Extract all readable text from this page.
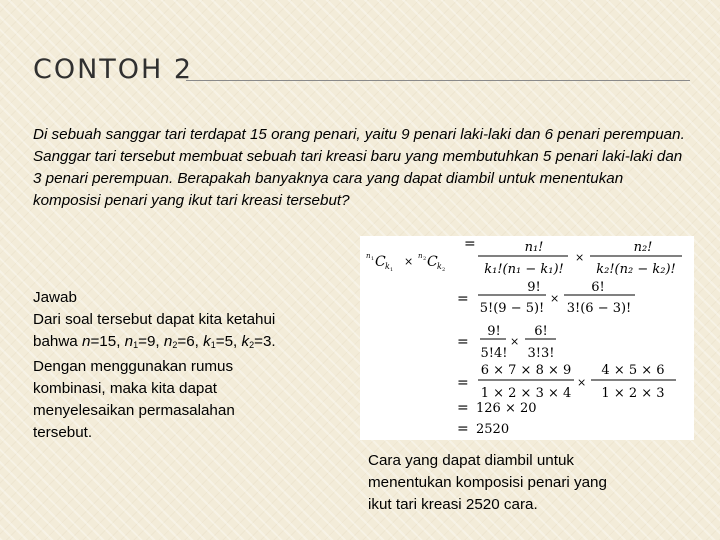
CONTOH 2

Di sebuah sanggar tari terdapat 15 orang penari, yaitu 9 penari laki-laki dan 6 penari perempuan. Sanggar tari tersebut membuat sebuah tari kreasi baru yang membutuhkan 5 penari laki-laki dan 3 penari perempuan. Berapakah banyaknya cara yang dapat diambil untuk menentukan komposisi penari yang ikut tari kreasi tersebut?

Jawab
Dari soal tersebut dapat kita ketahui
bahwa n=15, $n_1=9$, $n_2=6$, $k_1=5$, $k_2=3$.
Dengan menggunakan rumus
kombinasi, maka kita dapat
menyelesaikan permasalahan
tersebut.
n 1 C k 1
× n 2 C k 2
=	n₁!
k₁!(n₁ − k₁)!
×
n₂!
k₂!(n₂ − k₂)!
9!	6!
=	×
5!(9 − 5)! 3!(6 − 3)!
9!	6!
=	×
5!4! 3!3!
=
6 × 7 × 8 × 9
1 × 2 × 3 × 4
×
4 × 5 × 6
1 × 2 × 3
= 126 × 20
= 2520
Cara yang dapat diambil untuk
menentukan komposisi penari yang
ikut tari kreasi 2520 cara.
